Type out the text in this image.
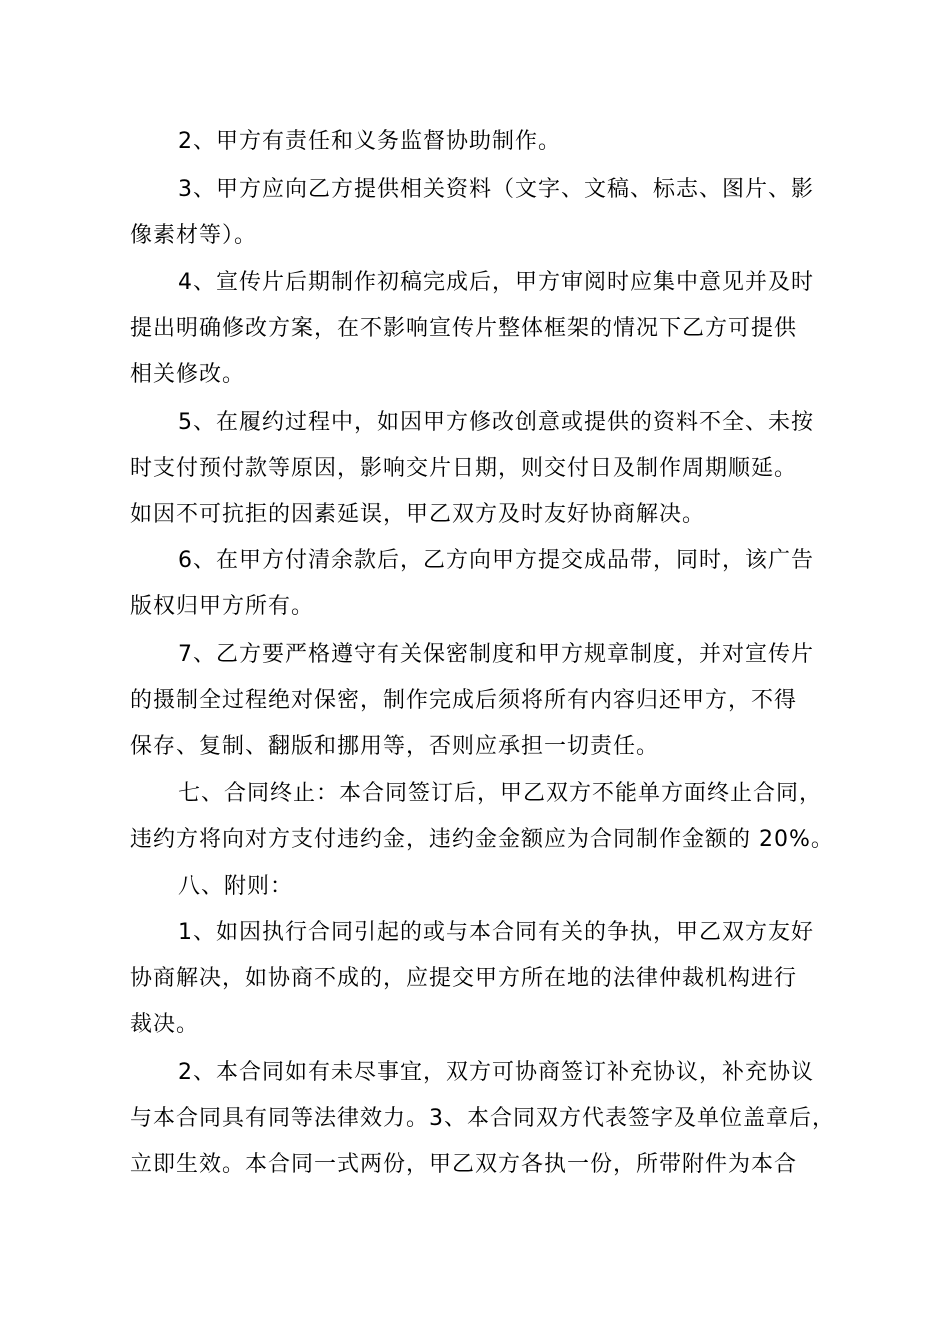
2、甲方有责任和义务监督协助制作。
3、甲方应向乙方提供相关资料（文字、文稿、标志、图片、影
像素材等）。
4、宣传片后期制作初稿完成后，甲方审阅时应集中意见并及时
提出明确修改方案，在不影响宣传片整体框架的情况下乙方可提供
相关修改。
5、在履约过程中，如因甲方修改创意或提供的资料不全、未按
时支付预付款等原因，影响交片日期，则交付日及制作周期顺延。
如因不可抗拒的因素延误，甲乙双方及时友好协商解决。
6、在甲方付清余款后，乙方向甲方提交成品带，同时，该广告
版权归甲方所有。
7、乙方要严格遵守有关保密制度和甲方规章制度，并对宣传片
的摄制全过程绝对保密，制作完成后须将所有内容归还甲方，不得
保存、复制、翻版和挪用等，否则应承担一切责任。
七、合同终止：本合同签订后，甲乙双方不能单方面终止合同，
违约方将向对方支付违约金，违约金金额应为合同制作金额的 20%。
八、附则：
1、如因执行合同引起的或与本合同有关的争执，甲乙双方友好
协商解决，如协商不成的，应提交甲方所在地的法律仲裁机构进行
裁决。
2、本合同如有未尽事宜，双方可协商签订补充协议，补充协议
与本合同具有同等法律效力。3、本合同双方代表签字及单位盖章后，
立即生效。本合同一式两份，甲乙双方各执一份，所带附件为本合
